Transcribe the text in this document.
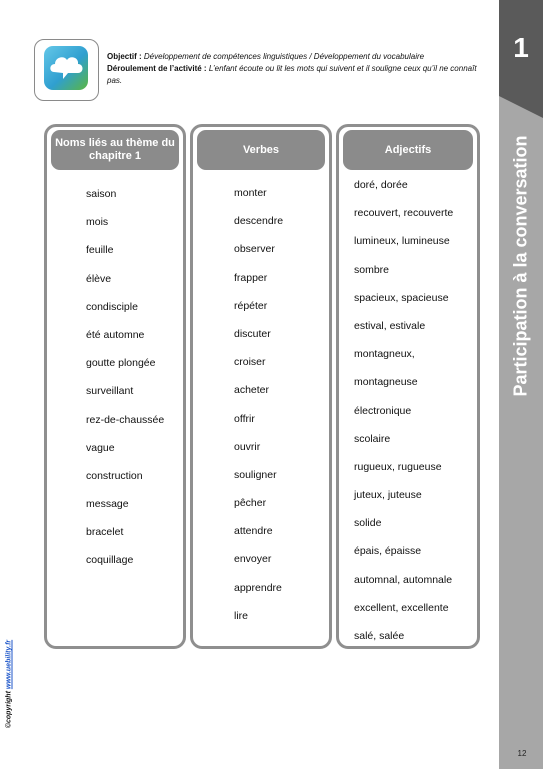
1
Participation à la conversation
Objectif : Développement de compétences linguistiques / Développement du vocabulaire
Déroulement de l’activité : L’enfant écoute ou lit les mots qui suivent et il souligne ceux qu’il ne connaît pas.
Noms liés au thème du chapitre 1
saison
mois
feuille
élève
condisciple
été automne
goutte plongée
surveillant
rez-de-chaussée
vague
construction
message
bracelet
coquillage
Verbes
monter
descendre
observer
frapper
répéter
discuter
croiser
acheter
offrir
ouvrir
souligner
pêcher
attendre
envoyer
apprendre
lire
Adjectifs
doré, dorée
recouvert, recouverte
lumineux, lumineuse
sombre
spacieux, spacieuse
estival, estivale
montagneux,
montagneuse
électronique
scolaire
rugueux, rugueuse
juteux, juteuse
solide
épais, épaisse
automnal, automnale
excellent, excellente
salé, salée
©copyright www.uebility.fr
12
